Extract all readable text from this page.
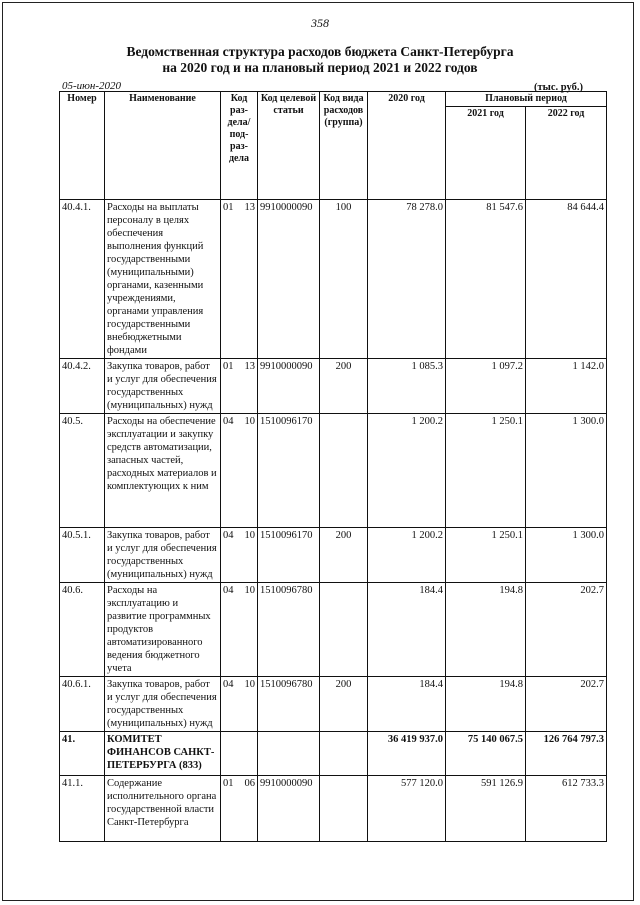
358
Ведомственная структура расходов бюджета Санкт-Петербурга
на 2020 год и на плановый период 2021 и 2022 годов
05-июн-2020	(тыс. руб.)
Номер	Наименование	Код раз-дела/ под-раз-дела	Код целевой статьи	Код вида расходов (группа)	2020 год	Плановый период	
						2021 год	2022 год
40.4.1.	Расходы на выплаты персоналу в целях обеспечения выполнения функций государственными (муниципальными) органами, казенными учреждениями, органами управления государственными внебюджетными фондами	01 13	9910000090	100	78 278.0	81 547.6	84 644.4
40.4.2.	Закупка товаров, работ и услуг для обеспечения государственных (муниципальных) нужд	01 13	9910000090	200	1 085.3	1 097.2	1 142.0
40.5.	Расходы на обеспечение эксплуатации и закупку средств автоматизации, запасных частей, расходных материалов и комплектующих к ним	04 10	1510096170		1 200.2	1 250.1	1 300.0
40.5.1.	Закупка товаров, работ и услуг для обеспечения государственных (муниципальных) нужд	04 10	1510096170	200	1 200.2	1 250.1	1 300.0
40.6.	Расходы на эксплуатацию и развитие программных продуктов автоматизированного ведения бюджетного учета	04 10	1510096780		184.4	194.8	202.7
40.6.1.	Закупка товаров, работ и услуг для обеспечения государственных (муниципальных) нужд	04 10	1510096780	200	184.4	194.8	202.7
41.	КОМИТЕТ ФИНАНСОВ САНКТ-ПЕТЕРБУРГА (833)				36 419 937.0	75 140 067.5	126 764 797.3
41.1.	Содержание исполнительного органа государственной власти Санкт-Петербурга	01 06	9910000090		577 120.0	591 126.9	612 733.3
